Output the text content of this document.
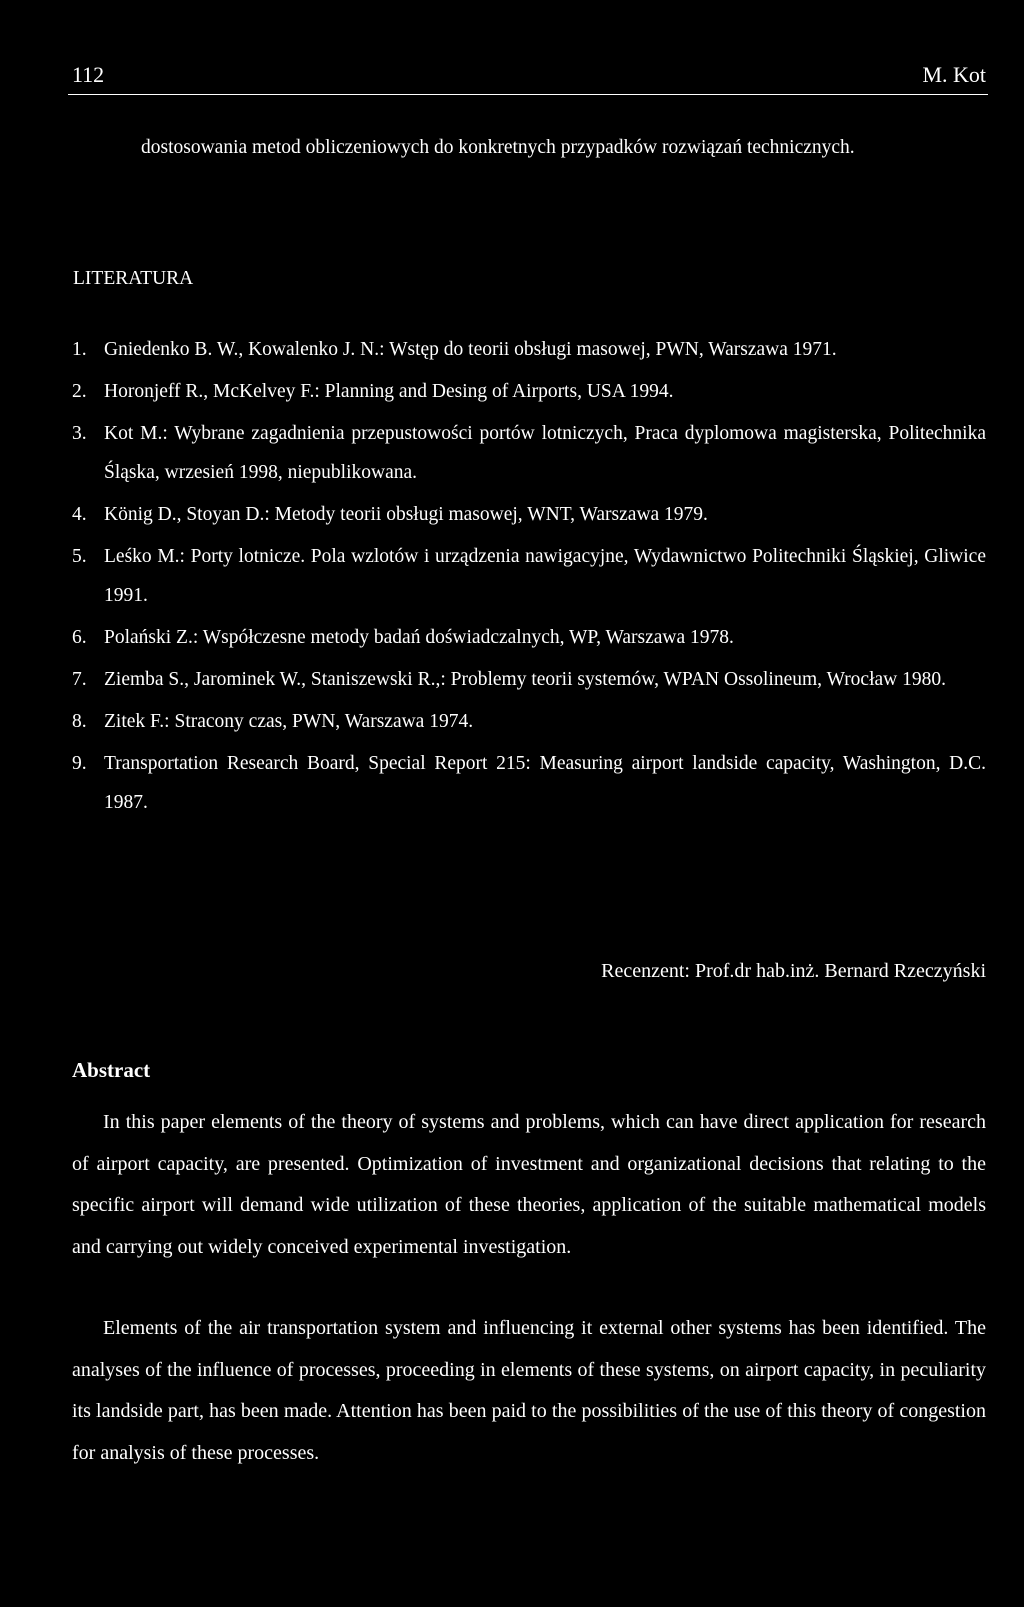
112	M. Kot
dostosowania metod obliczeniowych do konkretnych przypadków rozwiązań technicznych.
LITERATURA
1. Gniedenko B. W., Kowalenko J. N.: Wstęp do teorii obsługi masowej, PWN, Warszawa 1971.
2. Horonjeff R., McKelvey F.: Planning and Desing of Airports, USA 1994.
3. Kot M.: Wybrane zagadnienia przepustowości portów lotniczych, Praca dyplomowa magisterska, Politechnika Śląska, wrzesień 1998, niepublikowana.
4. König D., Stoyan D.: Metody teorii obsługi masowej, WNT, Warszawa 1979.
5. Leśko M.: Porty lotnicze. Pola wzlotów i urządzenia nawigacyjne, Wydawnictwo Politechniki Śląskiej, Gliwice 1991.
6. Polański Z.: Współczesne metody badań doświadczalnych, WP, Warszawa 1978.
7. Ziemba S., Jarominek W., Staniszewski R.,: Problemy teorii systemów, WPAN Ossolineum, Wrocław 1980.
8. Zitek F.: Stracony czas, PWN, Warszawa 1974.
9. Transportation Research Board, Special Report 215: Measuring airport landside capacity, Washington, D.C. 1987.
Recenzent: Prof.dr hab.inż. Bernard Rzeczyński
Abstract

In this paper elements of the theory of systems and problems, which can have direct application for research of airport capacity, are presented. Optimization of investment and organizational decisions that relating to the specific airport will demand wide utilization of these theories, application of the suitable mathematical models and carrying out widely conceived experimental investigation.

Elements of the air transportation system and influencing it external other systems has been identified. The analyses of the influence of processes, proceeding in elements of these systems, on airport capacity, in peculiarity its landside part, has been made. Attention has been paid to the possibilities of the use of this theory of congestion for analysis of these processes.
